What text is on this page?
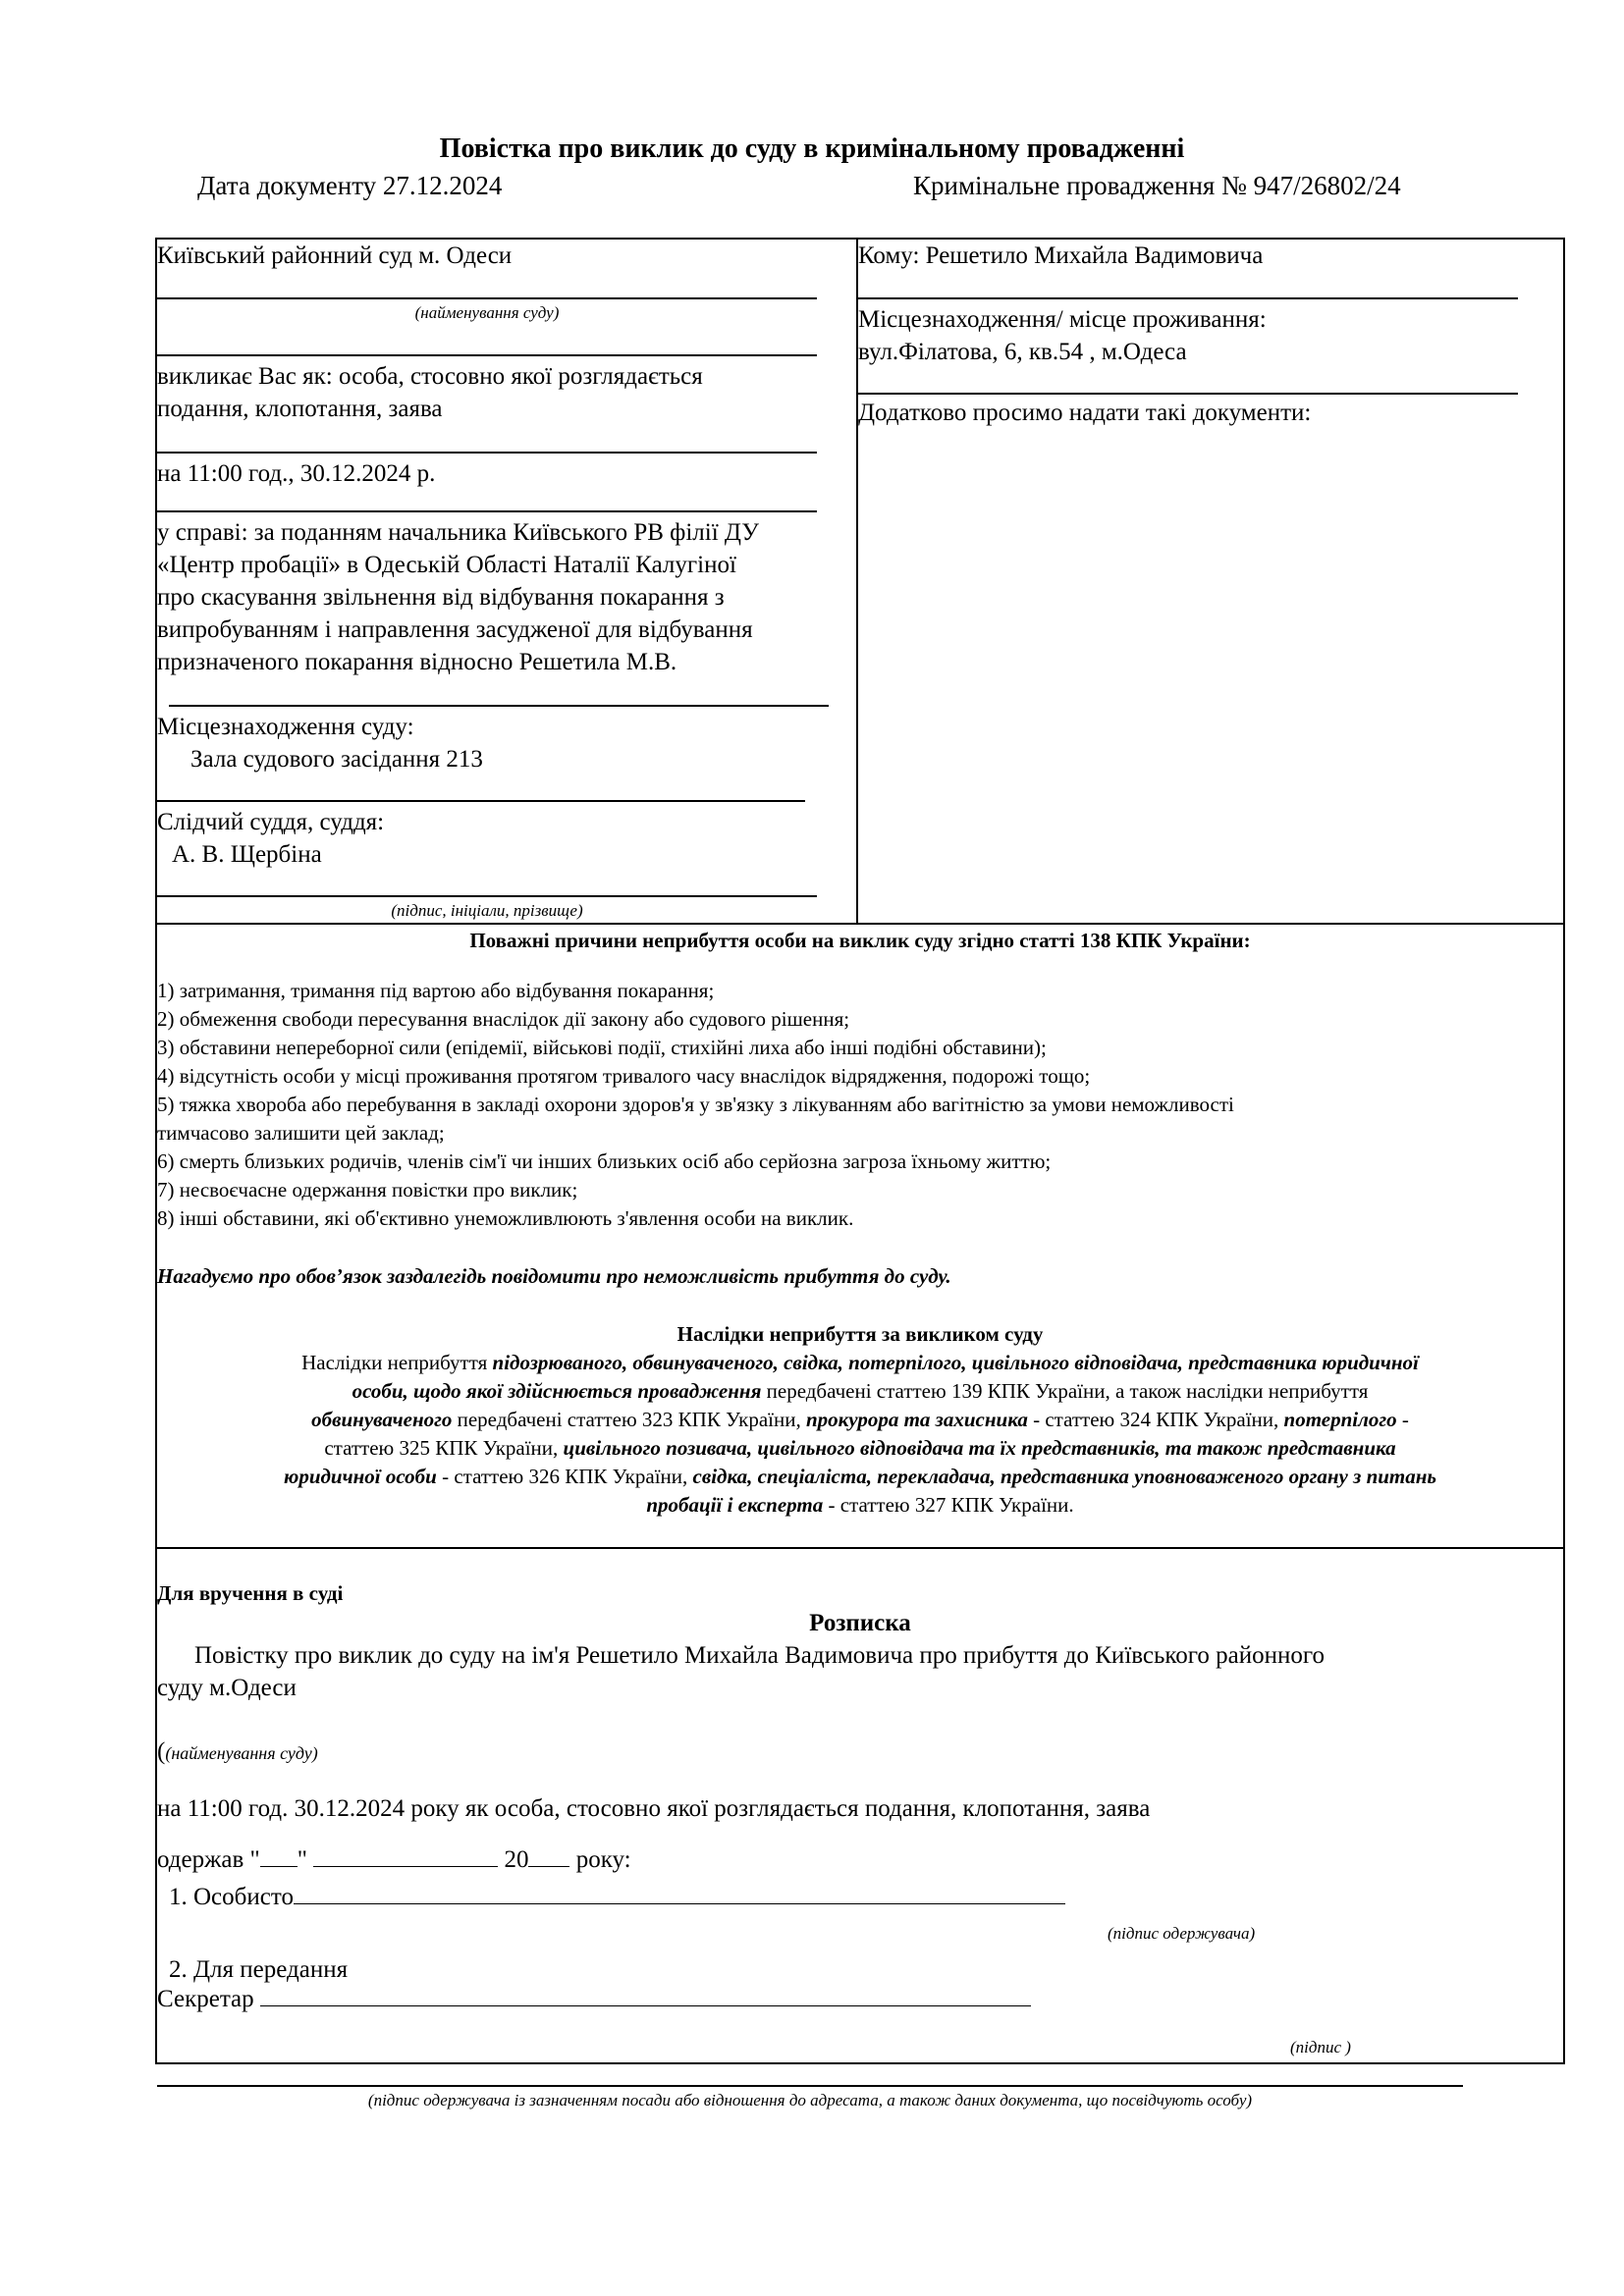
Повістка про виклик до суду в кримінальному провадженні
Дата документу 27.12.2024	Кримінальне провадження № 947/26802/24
Київський районний суд м. Одеси
(найменування суду)
викликає Вас як: особа, стосовно якої розглядається
подання, клопотання, заява
на 11:00 год., 30.12.2024 р.
у справі: за поданням начальника Київського РВ філії ДУ
«Центр пробації» в Одеській Області Наталії Калугіної
про скасування звільнення від відбування покарання з
випробуванням і направлення засудженої для відбування
призначеного покарання відносно Решетила М.В.
Місцезнаходження суду:
Зала судового засідання 213
Слідчий суддя, суддя:
А. В. Щербіна
(підпис, ініціали, прізвище)
Кому: Решетило Михайла Вадимовича
Місцезнаходження/ місце проживання:
вул.Філатова, 6, кв.54 , м.Одеса
Додатково просимо надати такі документи:
Поважні причини неприбуття особи на виклик суду згідно статті 138 КПК України:
1) затримання, тримання під вартою або відбування покарання;
2) обмеження свободи пересування внаслідок дії закону або судового рішення;
3) обставини непереборної сили (епідемії, військові події, стихійні лиха або інші подібні обставини);
4) відсутність особи у місці проживання протягом тривалого часу внаслідок відрядження, подорожі тощо;
5) тяжка хвороба або перебування в закладі охорони здоров'я у зв'язку з лікуванням або вагітністю за умови неможливості
тимчасово залишити цей заклад;
6) смерть близьких родичів, членів сім'ї чи інших близьких осіб або серйозна загроза їхньому життю;
7) несвоєчасне одержання повістки про виклик;
8) інші обставини, які об'єктивно унеможливлюють з'явлення особи на виклик.
Нагадуємо про обов’язок заздалегідь повідомити про неможливість прибуття до суду.
Наслідки неприбуття за викликом суду
Наслідки неприбуття підозрюваного, обвинуваченого, свідка, потерпілого, цивільного відповідача, представника юридичної
особи, щодо якої здійснюється провадження передбачені статтею 139 КПК України, а також наслідки неприбуття
обвинуваченого передбачені статтею 323 КПК України, прокурора та захисника - статтею 324 КПК України, потерпілого -
статтею 325 КПК України, цивільного позивача, цивільного відповідача та їх представників, та також представника
юридичної особи - статтею 326 КПК України, свідка, спеціаліста, перекладача, представника уповноваженого органу з питань
пробації і експерта - статтею 327 КПК України.
Для вручення в суді
Розписка
Повістку про виклик до суду на ім'я Решетило Михайла Вадимовича про прибуття до Київського районного
суду м.Одеси
((найменування суду)
на 11:00 год. 30.12.2024 року як особа, стосовно якої розглядається подання, клопотання, заява
одержав " "	20 року:
1. Особисто
(підпис одержувача)
2. Для передання
Секретар
(підпис )
(підпис одержувача із зазначенням посади або відношення до адресата, а також даних документа, що посвідчують особу)
